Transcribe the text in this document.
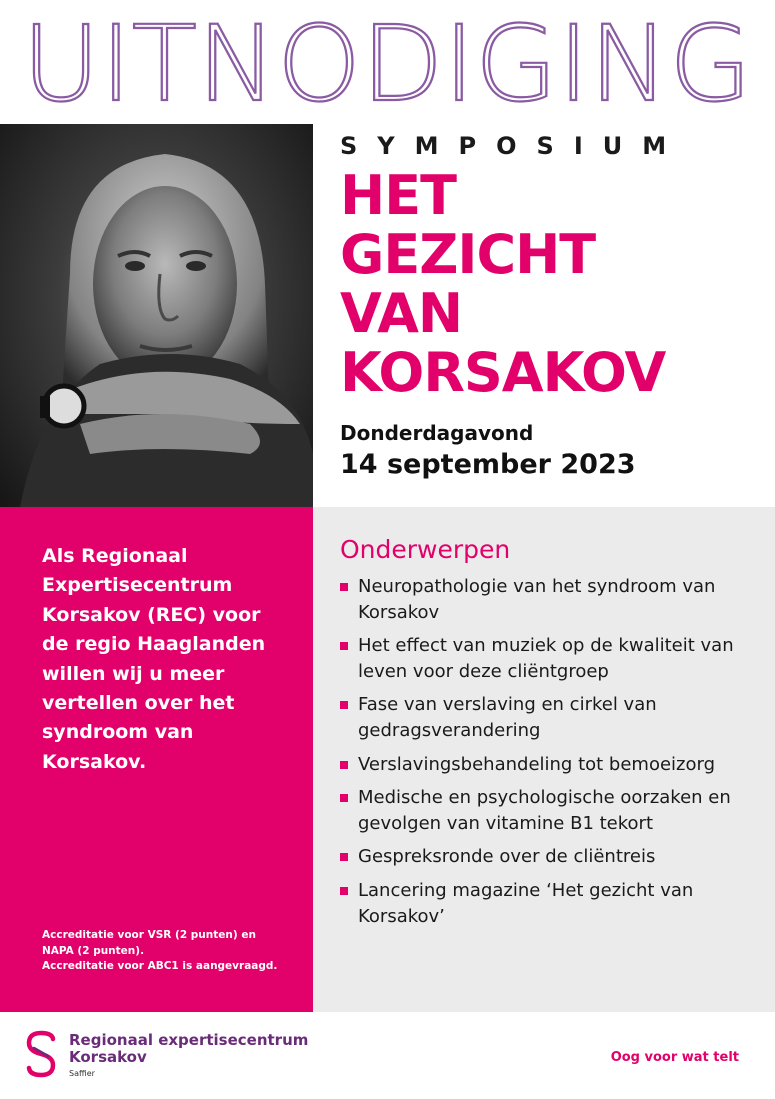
UITNODIGING
SYMPOSIUM
HET
GEZICHT
VAN
KORSAKOV
Donderdagavond
14 september 2023

Als Regionaal Expertisecentrum Korsakov (REC) voor de regio Haaglanden willen wij u meer vertellen over het syndroom van Korsakov.

Accreditatie voor VSR (2 punten) en
NAPA (2 punten).
Accreditatie voor ABC1 is aangevraagd.

Onderwerpen
Neuropathologie van het syndroom van Korsakov
Het effect van muziek op de kwaliteit van leven voor deze cliëntgroep
Fase van verslaving en cirkel van gedragsverandering
Verslavingsbehandeling tot bemoeizorg
Medische en psychologische oorzaken en gevolgen van vitamine B1 tekort
Gespreksronde over de cliëntreis
Lancering magazine ‘Het gezicht van Korsakov’
Regionaal expertisecentrum
Korsakov
Saffier
Oog voor wat telt
